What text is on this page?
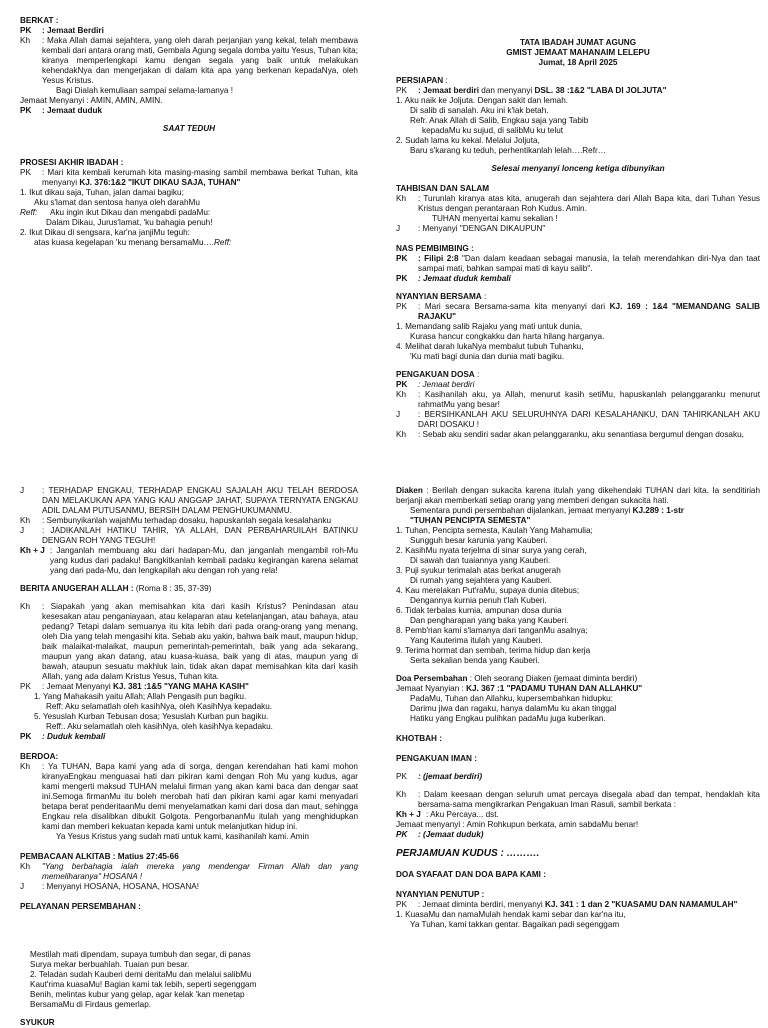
BERKAT :
PK	: Jemaat Berdiri
Kh	: Maka Allah damai sejahtera, yang oleh darah perjanjian yang kekal, telah membawa kembali dari antara orang mati, Gembala Agung segala domba yaitu Yesus, Tuhan kita; kiranya memperlengkapi kamu dengan segala yang baik untuk melakukan kehendakNya dan mengerjakan di dalam kita apa yang berkenan kepadaNya, oleh Yesus Kristus.
Bagi Dialah kemuliaan sampai selama-lamanya !

Jemaat Menyanyi : AMIN, AMIN, AMIN.

PK	: Jemaat duduk

SAAT TEDUH

PROSESI AKHIR IBADAH :
PK	: Mari kita kembali kerumah kita masing-masing sambil membawa berkat Tuhan, kita menyanyi KJ. 376:1&2 "IKUT DIKAU SAJA, TUHAN"

1. Ikut dikau saja, Tuhan, jalan damai bagiku;

Aku s'lamat dan sentosa hanya oleh darahMu

Reff:	Aku ingin ikut Dikau dan mengabdi padaMu:

Dalam Dikau, Jurus'lamat, 'ku bahagia penuh!

2. Ikut Dikau di sengsara, kar'na janjiMu teguh:

atas kuasa kegelapan 'ku menang bersamaMu….Reff:

TATA IBADAH JUMAT AGUNG

GMIST JEMAAT MAHANAIM LELEPU

Jumat, 18 April 2025

PERSIAPAN :

PK	: Jemaat berdiri dan menyanyi DSL. 38 :1&2 "LABA DI JOLJUTA"

1. Aku naik ke Joljuta. Dengan sakit dan lemah.

Di salib di sanalah. Aku ini k'lak betah.

Refr. Anak Allah di Salib, Engkau saja yang Tabib

kepadaMu ku sujud, di salibMu ku telut

2. Sudah lama ku kekal. Melalui Joljuta,

Baru s'karang ku teduh, perhentikanlah lelah….Refr…

Selesai menyanyi lonceng ketiga dibunyikan

TAHBISAN DAN SALAM
Kh	: Turunlah kiranya atas kita, anugerah dan sejahtera dari Allah Bapa kita, dari Tuhan Yesus Kristus dengan perantaraan Roh Kudus. Amin.
TUHAN menyertai kamu sekalian !
J	: Menyanyi "DENGAN DIKAUPUN"
NAS PEMBIMBING :
PK	: Filipi 2:8 "Dan dalam keadaan sebagai manusia, Ia telah merendahkan diri-Nya dan taat sampai mati, bahkan sampai mati di kayu salib".
PK	: Jemaat duduk kembali

NYANYIAN BERSAMA :

PK	: Mari secara Bersama-sama kita menyanyi dari KJ. 169 : 1&4 "MEMANDANG SALIB RAJAKU"

1. Memandang salib Rajaku yang mati untuk dunia,

Kurasa hancur congkakku dan harta hilang harganya.

4. Melihat darah lukaNya membalut tubuh Tuhanku,

'Ku mati bagi dunia dan dunia mati bagiku.

PENGAKUAN DOSA :

PK	: Jemaat berdiri
Kh	: Kasihanilah aku, ya Allah, menurut kasih setiMu, hapuskanlah pelanggaranku menurut rahmatMu yang besar!
J	: BERSIHKANLAH AKU SELURUHNYA DARI KESALAHANKU, DAN TAHIRKANLAH AKU DARI DOSAKU !
Kh	: Sebab aku sendiri sadar akan pelanggaranku, aku senantiasa bergumul dengan dosaku,
J	: TERHADAP ENGKAU, TERHADAP ENGKAU SAJALAH AKU TELAH BERDOSA DAN MELAKUKAN APA YANG KAU ANGGAP JAHAT, SUPAYA TERNYATA ENGKAU ADIL DALAM PUTUSANMU, BERSIH DALAM PENGHUKUMANMU.
Kh	: Sembunyikanlah wajahMu terhadap dosaku, hapuskanlah segala kesalahanku
J	: JADIKANLAH HATIKU TAHIR, YA ALLAH, DAN PERBAHARUILAH BATINKU DENGAN ROH YANG TEGUH!
Kh + J : Janganlah membuang aku dari hadapan-Mu, dan janganlah mengambil roh-Mu yang kudus dari padaku! Bangkitkanlah kembali padaku kegirangan karena selamat yang dari pada-Mu, dan lengkapilah aku dengan roh yang rela!

BERITA ANUGERAH ALLAH : (Roma 8 : 35, 37-39)

Kh	: Siapakah yang akan memisahkan kita dari kasih Kristus? Penindasan atau kesesakan atau penganiayaan, atau kelaparan atau ketelanjangan, atau bahaya, atau pedang? Tetapi dalam semuanya itu kita lebih dari pada orang-orang yang menang, oleh Dia yang telah mengasihi kita. Sebab aku yakin, bahwa baik maut, maupun hidup, baik malaikat-malaikat, maupun pemerintah-pemerintah, baik yang ada sekarang, maupun yang akan datang, atau kuasa-kuasa, baik yang di atas, maupun yang di bawah, ataupun sesuatu makhluk lain, tidak akan dapat memisahkan kita dari kasih Allah, yang ada dalam Kristus Yesus, Tuhan kita.
PK	: Jemaat Menyanyi KJ. 381 :1&5 "YANG MAHA KASIH"

1. Yang Mahakasih yaitu Allah; Allah Pengasih pun bagiku.

Reff: Aku selamatlah oleh kasihNya, oleh KasihNya kepadaku.

5. Yesuslah Kurban Tebusan dosa; Yesuslah Kurban pun bagiku.

Reff:. Aku selamatlah oleh kasihNya, oleh kasihNya kepadaku.

PK	: Duduk kembali
BERDOA:
Kh	: Ya TUHAN, Bapa kami yang ada di sorga, dengan kerendahan hati kami mohon kiranyaEngkau menguasai hati dan pikiran kami dengan Roh Mu yang kudus, agar kami mengerti maksud TUHAN melalui firman yang akan kami baca dan dengar saat ini.Semoga firmanMu itu boleh merobah hati dan pikiran kami agar kami menyadari betapa berat penderitaanMu demi menyelamatkan kami dari dosa dan maut, sehingga Engkau rela disalibkan dibukit Golgota. PengorbananMu itulah yang menghidupkan kami dan memberi kekuatan kepada kami untuk melanjutkan hidup ini.
Ya Yesus Kristus yang sudah mati untuk kami, kasihanilah kami. Amin
PEMBACAAN ALKITAB : Matius 27:45-66
Kh	"Yang berbahagia ialah mereka yang mendengar Firman Allah dan yang memeliharanya" HOSANA !
J	: Menyanyi HOSANA, HOSANA, HOSANA!
PELAYANAN PERSEMBAHAN :

Diaken : Berilah dengan sukacita karena itulah yang dikehendaki TUHAN dari kita. Ia senditiriah berjanji akan memberkati setiap orang yang memberi dengan sukacita hati.

Sementara pundi persembahan dijalankan, jemaat menyanyi KJ.289 : 1-str

"TUHAN PENCIPTA SEMESTA"

1. Tuhan, Pencipta semesta, Kaulah Yang Mahamulia;

Sungguh besar karunia yang Kauberi.

2. KasihMu nyata terjelma di sinar surya yang cerah,

Di sawah dan tuaiannya yang Kauberi.

3. Puji syukur terimalah atas berkat anugerah

Di rumah yang sejahtera yang Kauberi.

4. Kau merelakan Put'raMu, supaya dunia ditebus;

Dengannya kurnia penuh t'lah Kuberi.

6. Tidak terbalas kurnia, ampunan dosa dunia

Dan pengharapan yang baka yang Kauberi.

8. Pemb'rian kami s'lamanya dari tanganMu asalnya;

Yang Kauterima itulah yang Kauberi.

9. Terima hormat dan sembah, terima hidup dan kerja

Serta sekalian benda yang Kauberi.

Doa Persembahan : Oleh seorang Diaken (jemaat diminta berdiri)

Jemaat Nyanyian : KJ. 367 :1 "PADAMU TUHAN DAN ALLAHKU"

PadaMu, Tuhan dan Allahku, kupersembahkan hidupku:

Darimu jiwa dan ragaku, hanya dalamMu ku akan tinggal

Hatiku yang Engkau pulihkan padaMu juga kuberikan.

KHOTBAH :
PENGAKUAN IMAN :
PK	: (jemaat berdiri)
Kh	: Dalam keesaan dengan seluruh umat percaya disegala abad dan tempat, hendaklah kita bersama-sama mengikrarkan Pengakuan Iman Rasuli, sambil berkata :
Kh + J : Aku Percaya... dst.

Jemaat menyanyi : Amin Rohkupun berkata, amin sabdaMu benar!

PK	: (Jemaat duduk)

PERJAMUAN KUDUS : ……….

DOA SYAFAAT DAN DOA BAPA KAMI :
NYANYIAN PENUTUP :
PK	: Jemaat diminta berdiri, menyanyi KJ. 341 : 1 dan 2 "KUASAMU DAN NAMAMULAH"

1. KuasaMu dan namaMulah hendak kami sebar dan kar'na itu,

Ya Tuhan, kami takkan gentar. Bagaikan padi segenggam

Mestilah mati dipendam, supaya tumbuh dan segar, di panas

Surya mekar berbuahlah. Tuaian pun besar.

2. Teladan sudah Kauberi demi deritaMu dan melalui salibMu

Kaut'rima kuasaMu! Bagian kami tak lebih, seperti segenggam

Benih, melintas kubur yang gelap, agar kelak 'kan menetap

BersamaMu di Firdaus gemerlap.

SYUKUR
